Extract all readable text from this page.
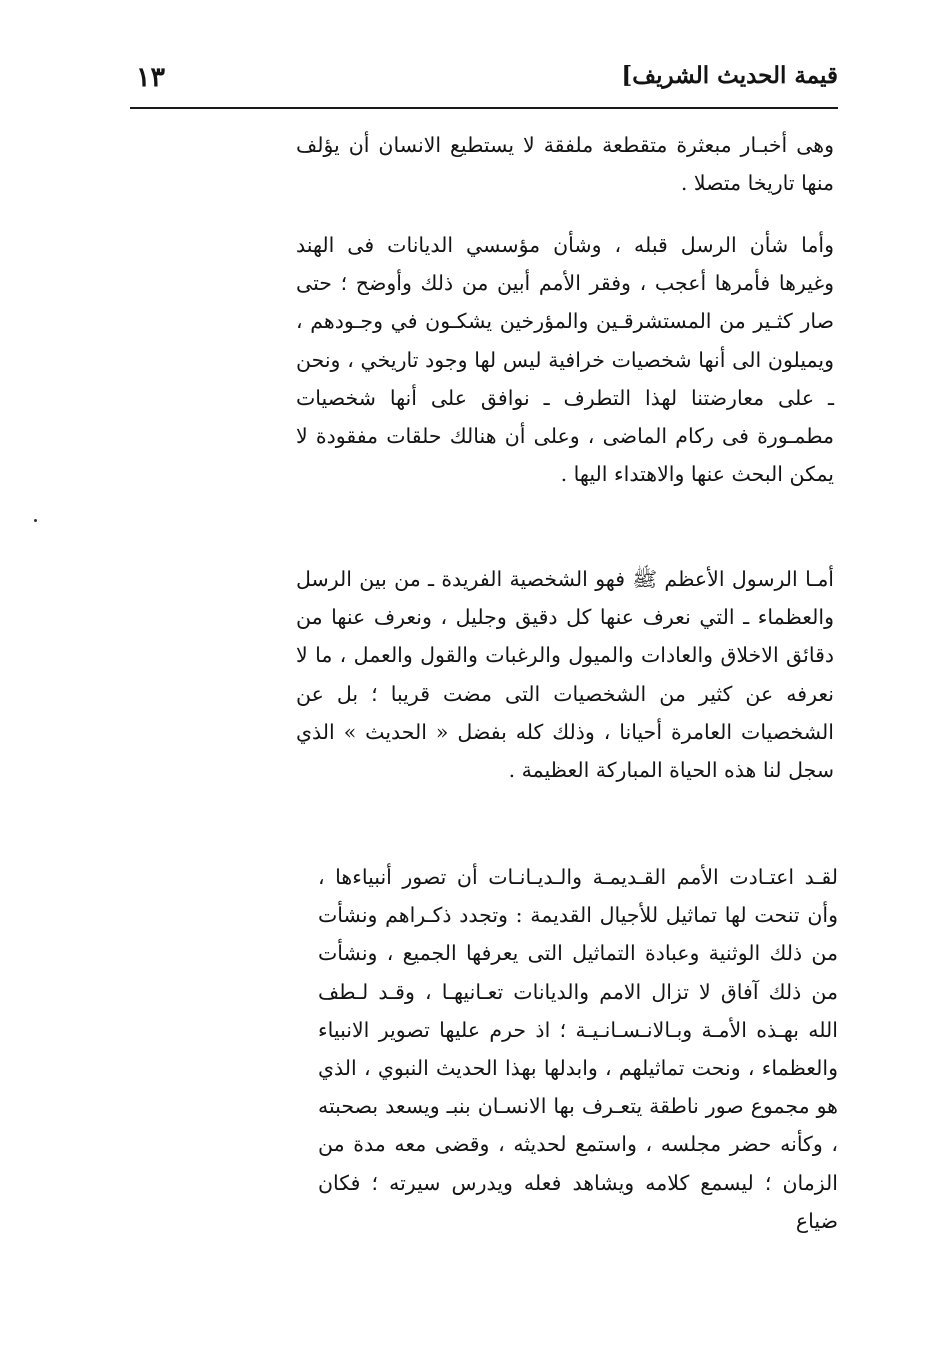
١٣	قيمة الحديث الشريف]

وهى أخبـار مبعثرة متقطعة ملفقة لا يستطيع الانسان أن يؤلف منها تاريخا متصلا .

وأما شأن الرسل قبله ، وشأن مؤسسي الديانات فى الهند وغيرها فأمرها أعجب ، وفقر الأمم أبين من ذلك وأوضح ؛ حتى صار كثـير من المستشرقـين والمؤرخين يشكـون في وجـودهم ، ويميلون الى أنها شخصيات خرافية ليس لها وجود تاريخي ، ونحن ـ على معارضتنا لهذا التطرف ـ نوافق على أنها شخصيات مطمـورة فى ركام الماضى ، وعلى أن هنالك حلقات مفقودة لا يمكن البحث عنها والاهتداء اليها .

أمـا الرسول الأعظم ﷺ فهو الشخصية الفريدة ـ من بين الرسل والعظماء ـ التي نعرف عنها كل دقيق وجليل ، ونعرف عنها من دقائق الاخلاق والعادات والميول والرغبات والقول والعمل ، ما لا نعرفه عن كثير من الشخصيات التى مضت قريبا ؛ بل عن الشخصيات العامرة أحيانا ، وذلك كله بفضل « الحديث » الذي سجل لنا هذه الحياة المباركة العظيمة .

لقـد اعتـادت الأمم القـديمـة والـديـانـات أن تصور أنبياءها ، وأن تنحت لها تماثيل للأجيال القديمة : وتجدد ذكـراهم ونشأت من ذلك الوثنية وعبادة التماثيل التى يعرفها الجميع ، ونشأت من ذلك آفاق لا تزال الامم والديانات تعـانيهـا ، وقـد لـطف الله بهـذه الأمـة وبـالانـسـانـيـة ؛ اذ حرم عليها تصوير الانبياء والعظماء ، ونحت تماثيلهم ، وابدلها بهذا الحديث النبوي ، الذي هو مجموع صور ناطقة يتعـرف بها الانسـان بنبـ ويسعد بصحبته ، وكأنه حضر مجلسه ، واستمع لحديثه ، وقضى معه مدة من الزمان ؛ ليسمع كلامه ويشاهد فعله ويدرس سيرته ؛ فكان ضياع
